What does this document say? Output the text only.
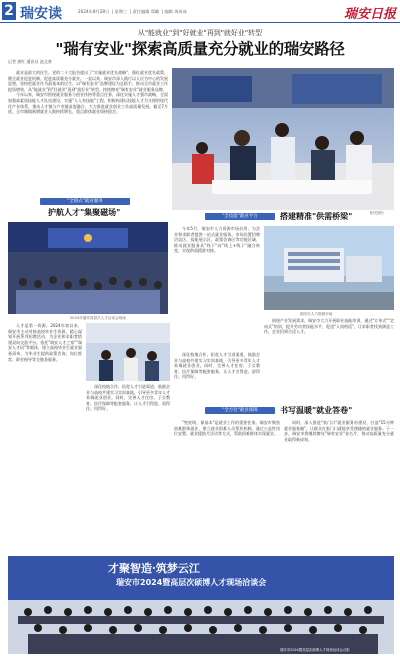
2 瑞安读	2024年8月28日  | 星期三  | 责任编辑 郑璐  | 编辑 周成成	瑞安日报
从"能就业"到"好就业"再到"就好业"转型
"瑞有安业"探索高质量充分就业的瑞安路径
记者 唐红 通讯员 池文豪

就业是最大的民生。党的二十大报告提出了"实施就业优先战略"，强化就业优先政策，健全就业促进机制，促进高质量充分就业。一直以来，瑞安市深入践行以人民为中心的发展思想，坚持把就业作为最基本的民生，以"瑞有安业"品牌建设为总抓手，推动全市就业工作提质增效，从"能就业"到"好就业"再到"就好业"转型，持续擦亮"瑞有安业"就业服务品牌。

今年以来，瑞安市围绕就业服务与创业扶持等重点任务，深化实施人才强市战略，全面加强高素质技能人才队伍建设，实施"人人有技能"工程，积极构建以技能人才为支撑的现代化产业体系，推动人才链与产业链深度融合，大力推进就业创业工作高质量发展。截至7月底，全市城镇新增就业人数持续增长，重点群体就业保持稳定。

相关图片
"全链式"就业服务
护航人才"集聚磁场"
2024年瑞安高层次人才洽谈会现场

人才是第一资源。2024年初以来，瑞安市主动对接高校毕业生资源，精心谋划开展系列招聘活动，为企业和求职者搭建双向交流平台。依托"瑞安人才之家""瑞安人才码"等载体，建立高校毕业生就业服务清单，为毕业生提供政策咨询、岗位推荐、职业指导等全链条服务。

深化校地合作，拓宽人才引进渠道，鼓励企业与高校共建实习实训基地，引导更多青年人才来瑞就业创业。同时，完善人才住房、子女教育、医疗保障等配套服务，让人才引得进、留得住、用得好。

"全技能"就业平台	搭建精准"供需桥梁"

今年5月，瑞安市人力资源市场启用，为企业和求职者提供一站式就业服务。市场设置招聘洽谈区、技能展示区、政策咨询区等功能区域，推动就业服务从"线下"向"线上+线下"融合转变，实现供需精准对接。

瑞安市人力资源市场

围绕产业发展需求，瑞安市大力开展职业技能培训，通过"订单式""定向式"培训，提升劳动者技能水平，促进"人岗相适"，让求职者找到满意工作，企业招到合适人才。

深化校地合作，拓宽人才引进渠道，鼓励企业与高校共建实习实训基地，引导更多青年人才来瑞就业创业。同时，完善人才住房、子女教育、医疗保障等配套服务，让人才引得进、留得住、用得好。

"全方位"就业保障	书写温暖"就业答卷"

"兜底线、保基本"是就业工作的重要任务。瑞安市聚焦困难群体就业，建立就业困难人员帮扶机制，通过公益性岗位安置、就业援助月活动等方式，帮助困难群体实现就业。

同时，深入推进"家门口"就业服务站建设，打造"15分钟就业服务圈"，让群众在家门口就能享受便捷的就业服务。下一步，瑞安市将继续擦亮"瑞有安业"金名片，推动高质量充分就业取得新成效。

才聚智造·筑梦云江
瑞安市2024暨高层次硕博人才现场洽谈会
瑞安市2024暨高层次硕博人才现场洽谈会合影
